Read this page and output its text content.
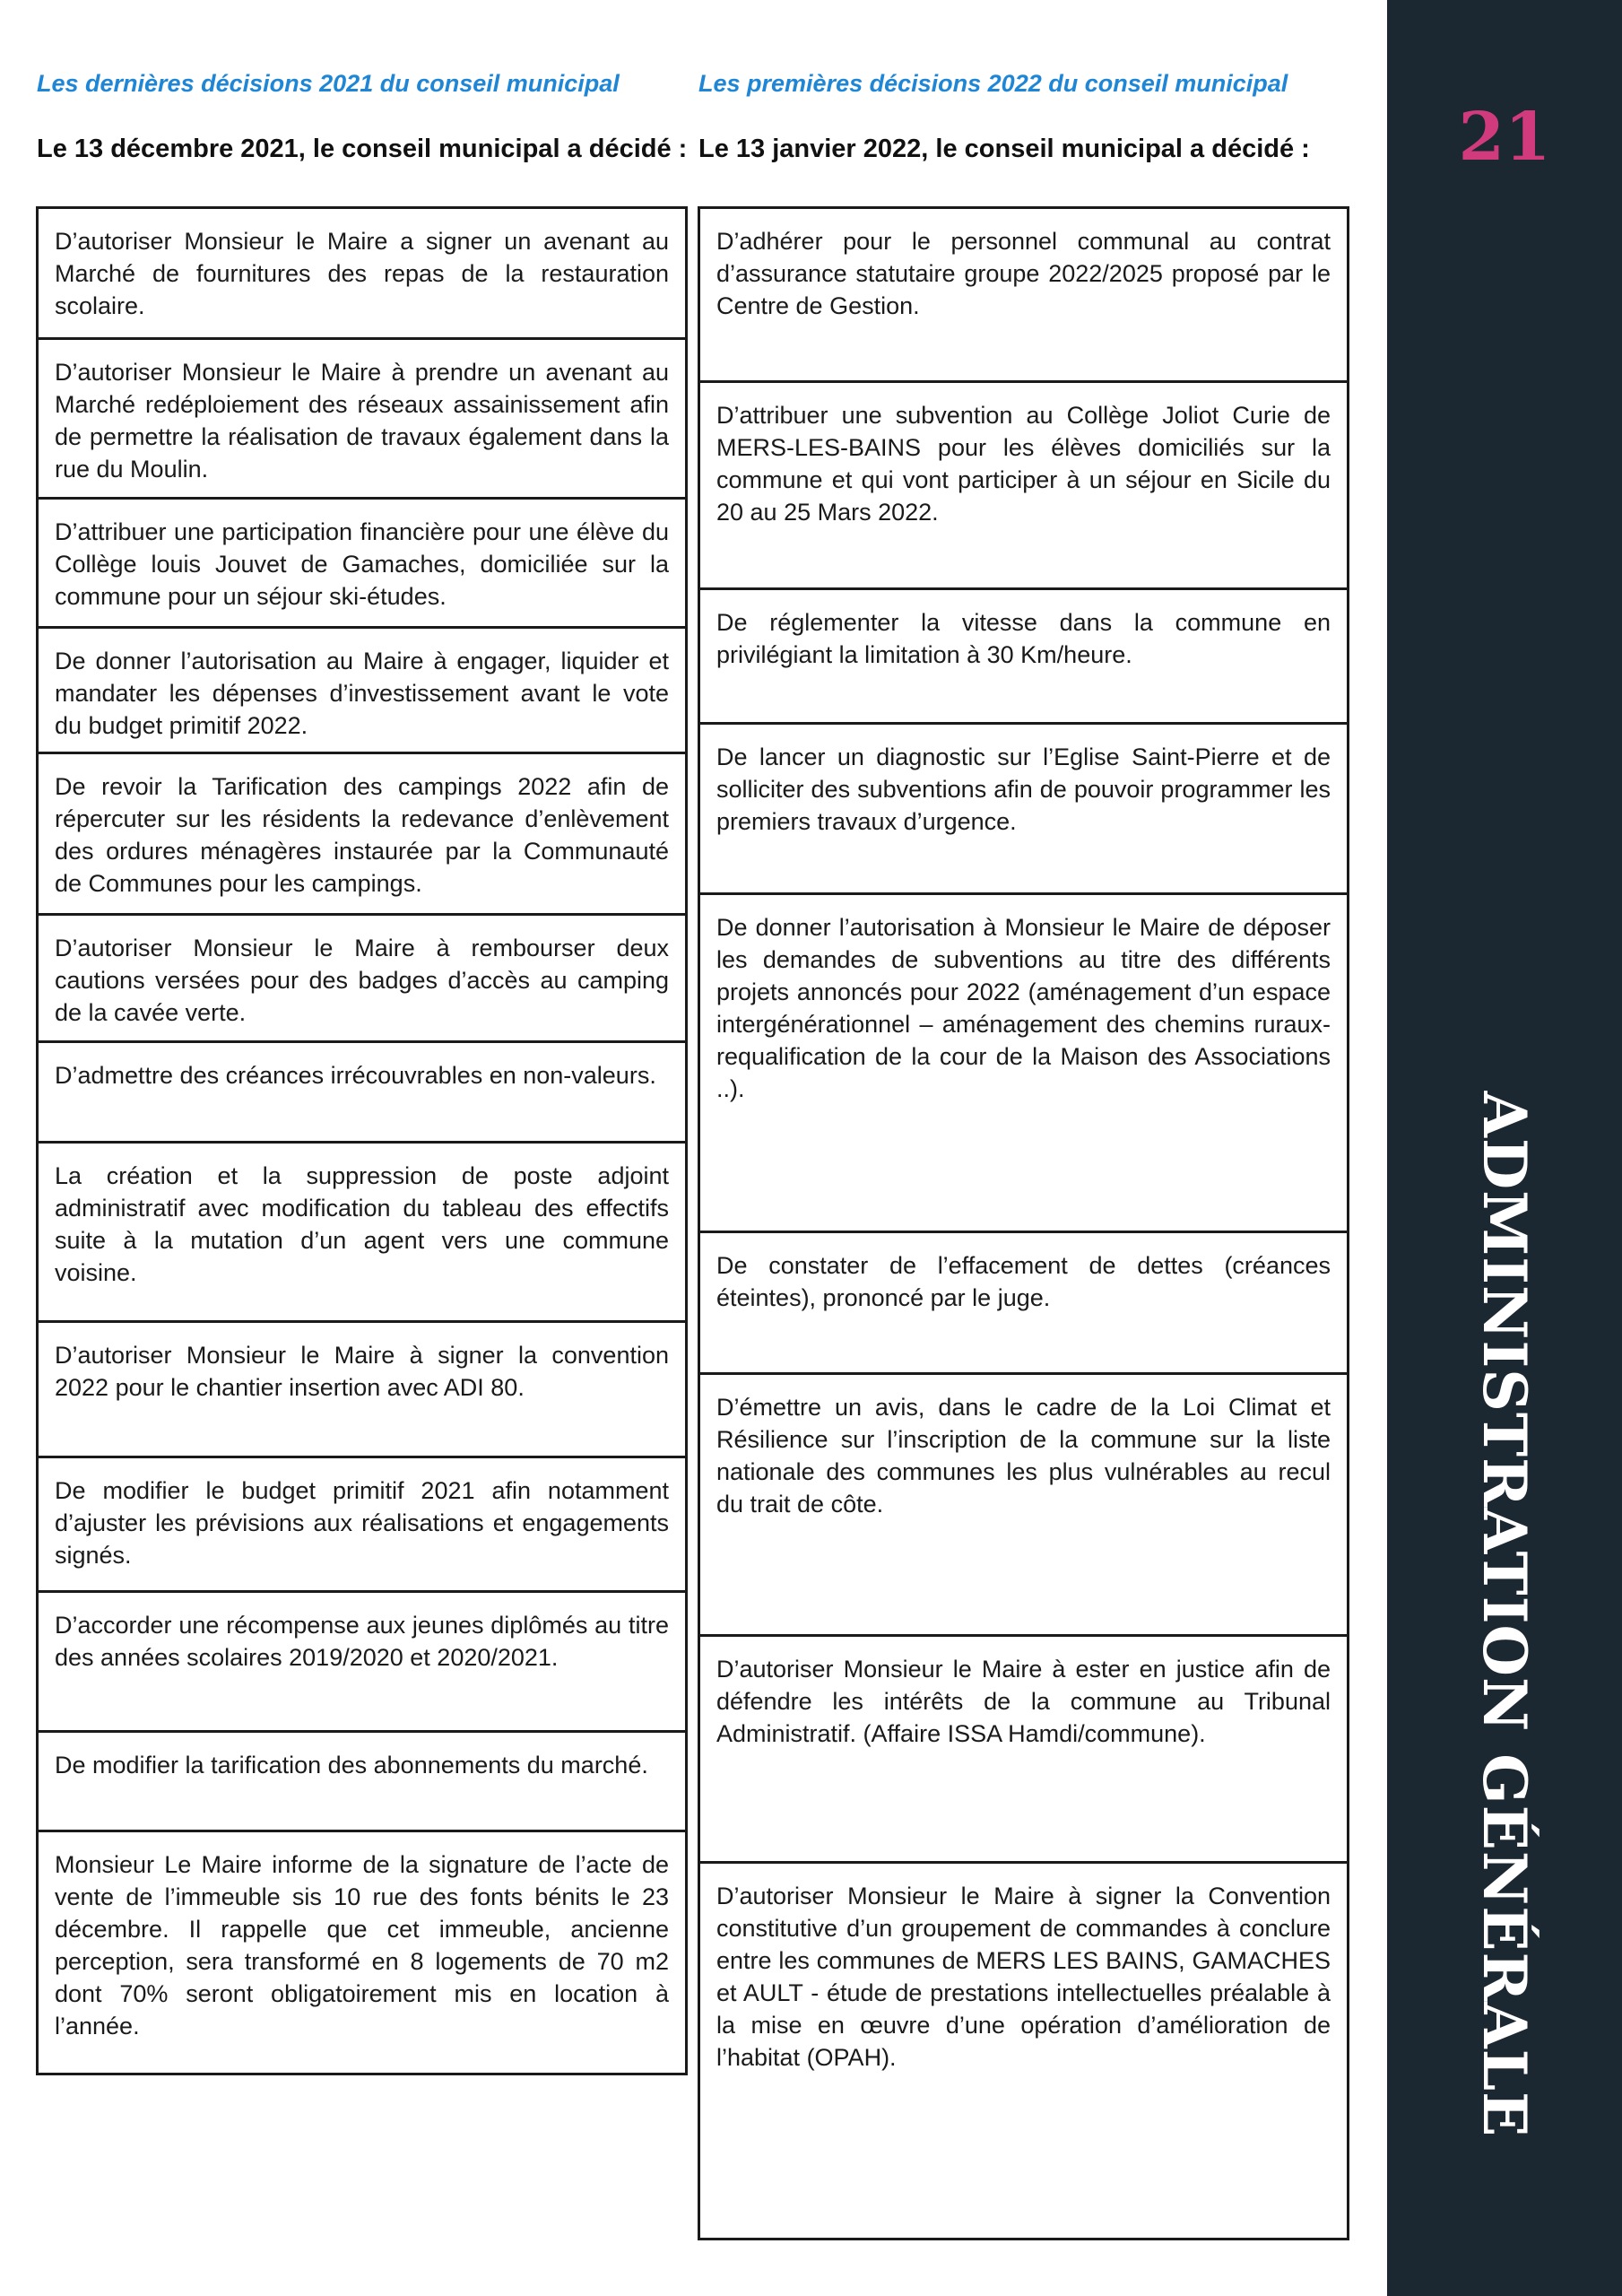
Les dernières décisions 2021 du conseil municipal
Le 13 décembre 2021, le conseil municipal a décidé :
D’autoriser Monsieur le Maire a signer un avenant au Marché de fournitures des repas de la restauration scolaire.
D’autoriser Monsieur le Maire à prendre un avenant au Marché redéploiement des réseaux assainissement afin de permettre la réalisation de travaux également dans la rue du Moulin.
D’attribuer une participation financière pour une élève du Collège louis Jouvet de Gamaches, domiciliée sur la commune pour un séjour ski-études.
De donner l’autorisation au Maire à engager, liquider et mandater les dépenses d’investissement avant le vote du budget primitif 2022.
De revoir la Tarification des campings 2022 afin de répercuter sur les résidents la redevance d’enlèvement des ordures ménagères instaurée par la Communauté de Communes pour les campings.
D’autoriser Monsieur le Maire à rembourser deux cautions versées pour des badges d’accès au camping de la cavée verte.
D’admettre des créances irrécouvrables en non-valeurs.
La création et la suppression de poste adjoint administratif avec modification du tableau des effectifs suite à la mutation d’un agent vers une commune voisine.
D’autoriser Monsieur le Maire à signer la convention 2022 pour le chantier insertion avec ADI 80.
De modifier le budget primitif 2021 afin notamment d’ajuster les prévisions aux réalisations et engagements signés.
D’accorder une récompense aux jeunes diplômés au titre des années scolaires 2019/2020 et 2020/2021.
De modifier la tarification des abonnements du marché.
Monsieur Le Maire informe de la signature de l’acte de vente de l’immeuble sis 10 rue des fonts bénits le 23 décembre. Il rappelle que cet immeuble, ancienne perception, sera transformé en 8 logements de 70 m2 dont 70% seront obligatoirement mis en location à l’année.
Les premières décisions 2022 du conseil municipal
Le 13 janvier 2022, le conseil municipal a décidé :
D’adhérer pour le personnel communal au contrat d’assurance statutaire groupe 2022/2025 proposé par le Centre de Gestion.
D’attribuer une subvention au Collège Joliot Curie de MERS-LES-BAINS pour les élèves domiciliés sur la commune et qui vont participer à un séjour en Sicile du 20 au 25 Mars 2022.
De réglementer la vitesse dans la commune en privilégiant la limitation à 30 Km/heure.
De lancer un diagnostic sur l’Eglise Saint-Pierre et de solliciter des subventions afin de pouvoir programmer les premiers travaux d’urgence.
De donner l’autorisation à Monsieur le Maire de déposer les demandes de subventions au titre des différents projets annoncés pour 2022 (aménagement d’un espace intergénérationnel – aménagement des chemins ruraux- requalification de la cour de la Maison des Associations ..).
De constater de l’effacement de dettes (créances éteintes), prononcé par le juge.
D’émettre un avis, dans le cadre de la Loi Climat et Résilience sur l’inscription de la commune sur la liste nationale des communes les plus vulnérables au recul du trait de côte.
D’autoriser Monsieur le Maire à ester en justice afin de défendre les intérêts de la commune au Tribunal Administratif. (Affaire ISSA Hamdi/commune).
D’autoriser Monsieur le Maire à signer la Convention constitutive d’un groupement de commandes à conclure entre les communes de MERS LES BAINS, GAMACHES et AULT - étude de prestations intellectuelles préalable à la mise en œuvre d’une opération d’amélioration de l’habitat (OPAH).
21
ADMINISTRATION GÉNÉRALE
